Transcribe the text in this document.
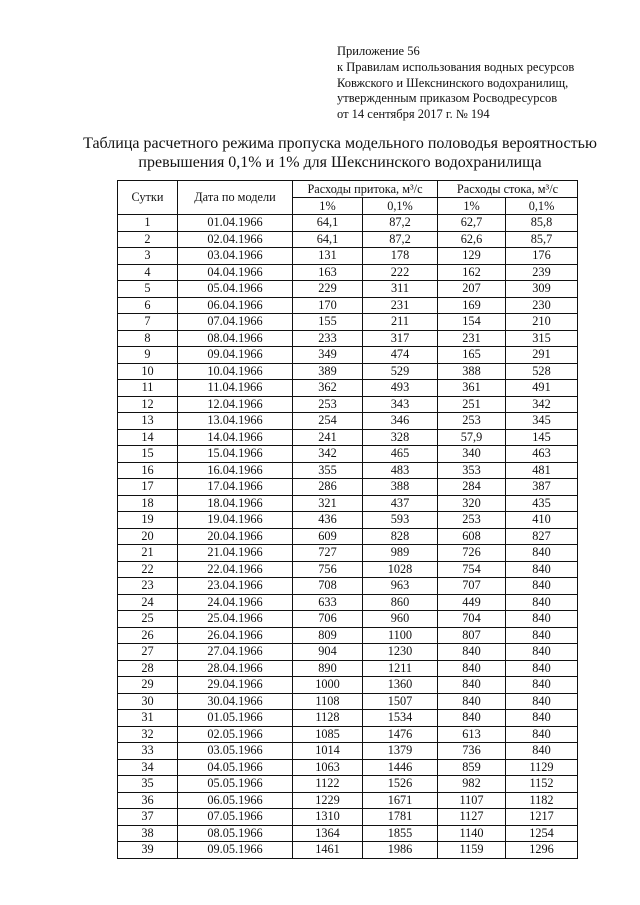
Приложение 56
к Правилам использования водных ресурсов
Ковжского и Шекснинского водохранилищ,
утвержденным приказом Росводресурсов
от 14 сентября 2017 г. № 194
Таблица расчетного режима пропуска модельного половодья вероятностью
превышения 0,1% и 1% для Шекснинского водохранилища
Сутки	Дата по модели	Расходы притока, м³/с		Расходы стока, м³/с	
		1%	0,1%	1%	0,1%
1	01.04.1966	64,1	87,2	62,7	85,8
2	02.04.1966	64,1	87,2	62,6	85,7
3	03.04.1966	131	178	129	176
4	04.04.1966	163	222	162	239
5	05.04.1966	229	311	207	309
6	06.04.1966	170	231	169	230
7	07.04.1966	155	211	154	210
8	08.04.1966	233	317	231	315
9	09.04.1966	349	474	165	291
10	10.04.1966	389	529	388	528
11	11.04.1966	362	493	361	491
12	12.04.1966	253	343	251	342
13	13.04.1966	254	346	253	345
14	14.04.1966	241	328	57,9	145
15	15.04.1966	342	465	340	463
16	16.04.1966	355	483	353	481
17	17.04.1966	286	388	284	387
18	18.04.1966	321	437	320	435
19	19.04.1966	436	593	253	410
20	20.04.1966	609	828	608	827
21	21.04.1966	727	989	726	840
22	22.04.1966	756	1028	754	840
23	23.04.1966	708	963	707	840
24	24.04.1966	633	860	449	840
25	25.04.1966	706	960	704	840
26	26.04.1966	809	1100	807	840
27	27.04.1966	904	1230	840	840
28	28.04.1966	890	1211	840	840
29	29.04.1966	1000	1360	840	840
30	30.04.1966	1108	1507	840	840
31	01.05.1966	1128	1534	840	840
32	02.05.1966	1085	1476	613	840
33	03.05.1966	1014	1379	736	840
34	04.05.1966	1063	1446	859	1129
35	05.05.1966	1122	1526	982	1152
36	06.05.1966	1229	1671	1107	1182
37	07.05.1966	1310	1781	1127	1217
38	08.05.1966	1364	1855	1140	1254
39	09.05.1966	1461	1986	1159	1296
